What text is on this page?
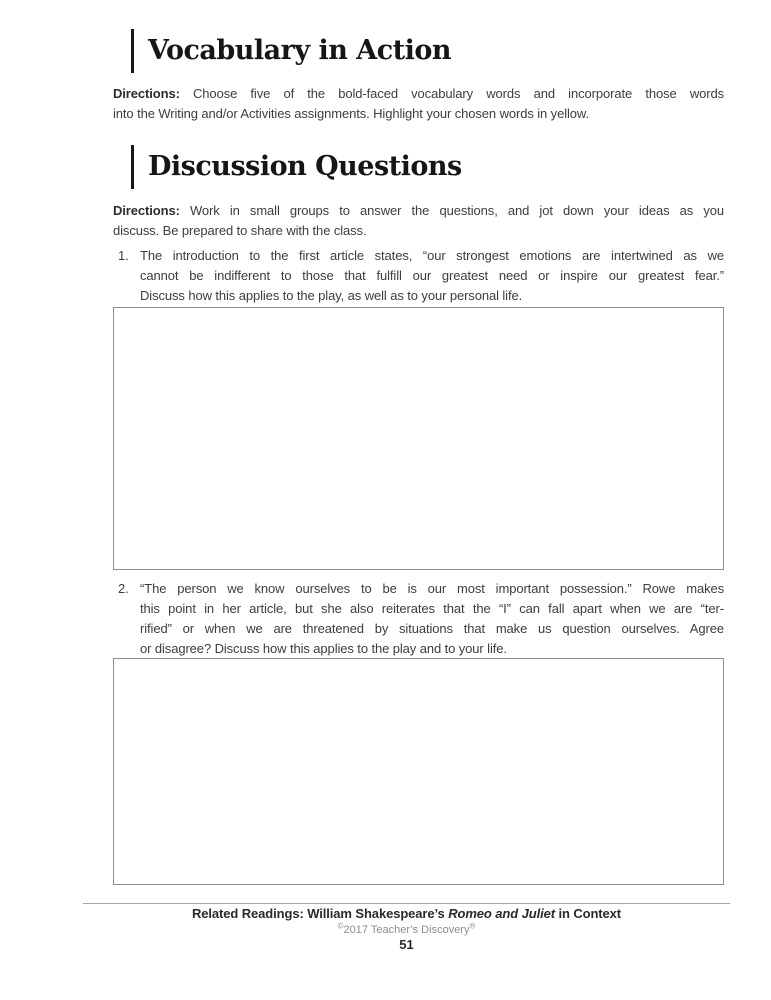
Vocabulary in Action
Directions: Choose five of the bold-faced vocabulary words and incorporate those words
into the Writing and/or Activities assignments. Highlight your chosen words in yellow.
Discussion Questions
Directions: Work in small groups to answer the questions, and jot down your ideas as you
discuss. Be prepared to share with the class.
1. The introduction to the first article states, “our strongest emotions are intertwined as we
cannot be indifferent to those that fulfill our greatest need or inspire our greatest fear.”
Discuss how this applies to the play, as well as to your personal life.
2. “The person we know ourselves to be is our most important possession.” Rowe makes
this point in her article, but she also reiterates that the “I” can fall apart when we are “ter-
rified” or when we are threatened by situations that make us question ourselves. Agree
or disagree? Discuss how this applies to the play and to your life.
Related Readings: William Shakespeare’s Romeo and Juliet in Context
©2017 Teacher’s Discovery®
51
